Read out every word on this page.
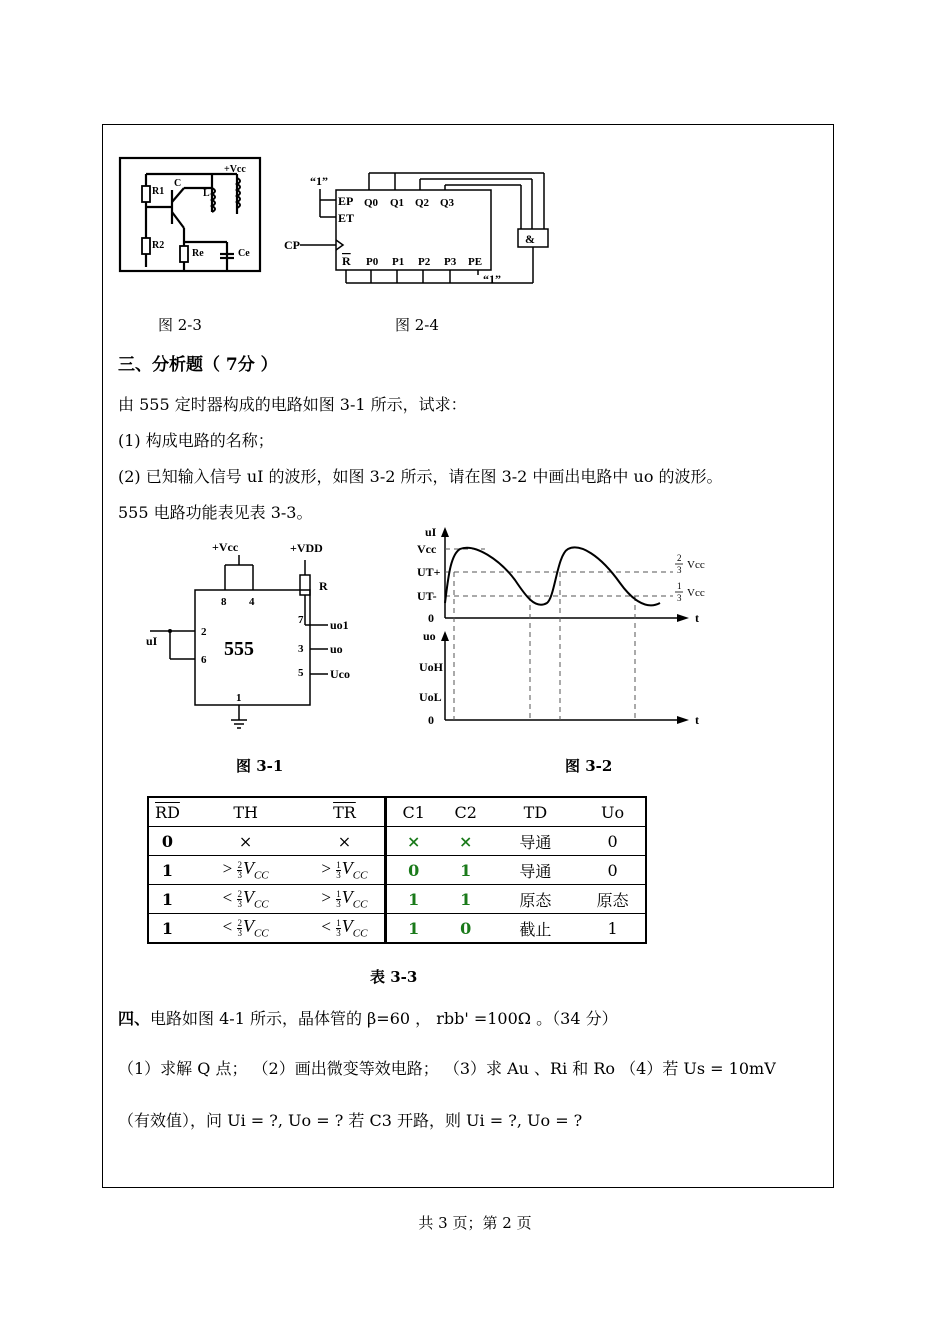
+Vcc
R1
R2
C
L
Re	Ce
“1”
EP
ET
CP
Q0 Q1 Q2 Q3
R P0 P1 P2 P3 PE
“1”
&
图 2-3	图 2-4
三、分析题（ 7分 ）
由 555 定时器构成的电路如图 3-1 所示，试求：
(1) 构成电路的名称；
(2) 已知输入信号 uI 的波形，如图 3-2 所示，请在图 3-2 中画出电路中 uo 的波形。
555 电路功能表见表 3-3。
+Vcc	+VDD
R
555
uI
uo1
uo
Uco
8 4
7
2
3
6
5
1
uI
Vcc
UT+
UT-
0	t
2
3 Vcc
1
3 Vcc
uo
UoH
UoL
0	t
图 3-1	图 3-2
$\overline{RD}$	TH	$\overline{TR}$	C1	C2	TD	Uo
0	×	×	×	×	导通	0
1	> $\frac{2}{3} V_{CC}$	> $\frac{1}{3} V_{CC}$	0	1	导通	0
1	< $\frac{2}{3} V_{CC}$	> $\frac{1}{3} V_{CC}$	1	1	原态	原态
1	< $\frac{2}{3} V_{CC}$	< $\frac{1}{3} V_{CC}$	1	0	截止	1
表 3-3
四、电路如图 4-1 所示，晶体管的 β=60 ， rbb' =100Ω 。（34 分）
（1）求解 Q 点； （2）画出微变等效电路； （3）求 Au 、Ri 和 Ro （4）若 Us = 10mV
（有效值），问 Ui = ?, Uo = ? 若 C3 开路，则 Ui = ?, Uo = ?
共 3 页；第 2 页
